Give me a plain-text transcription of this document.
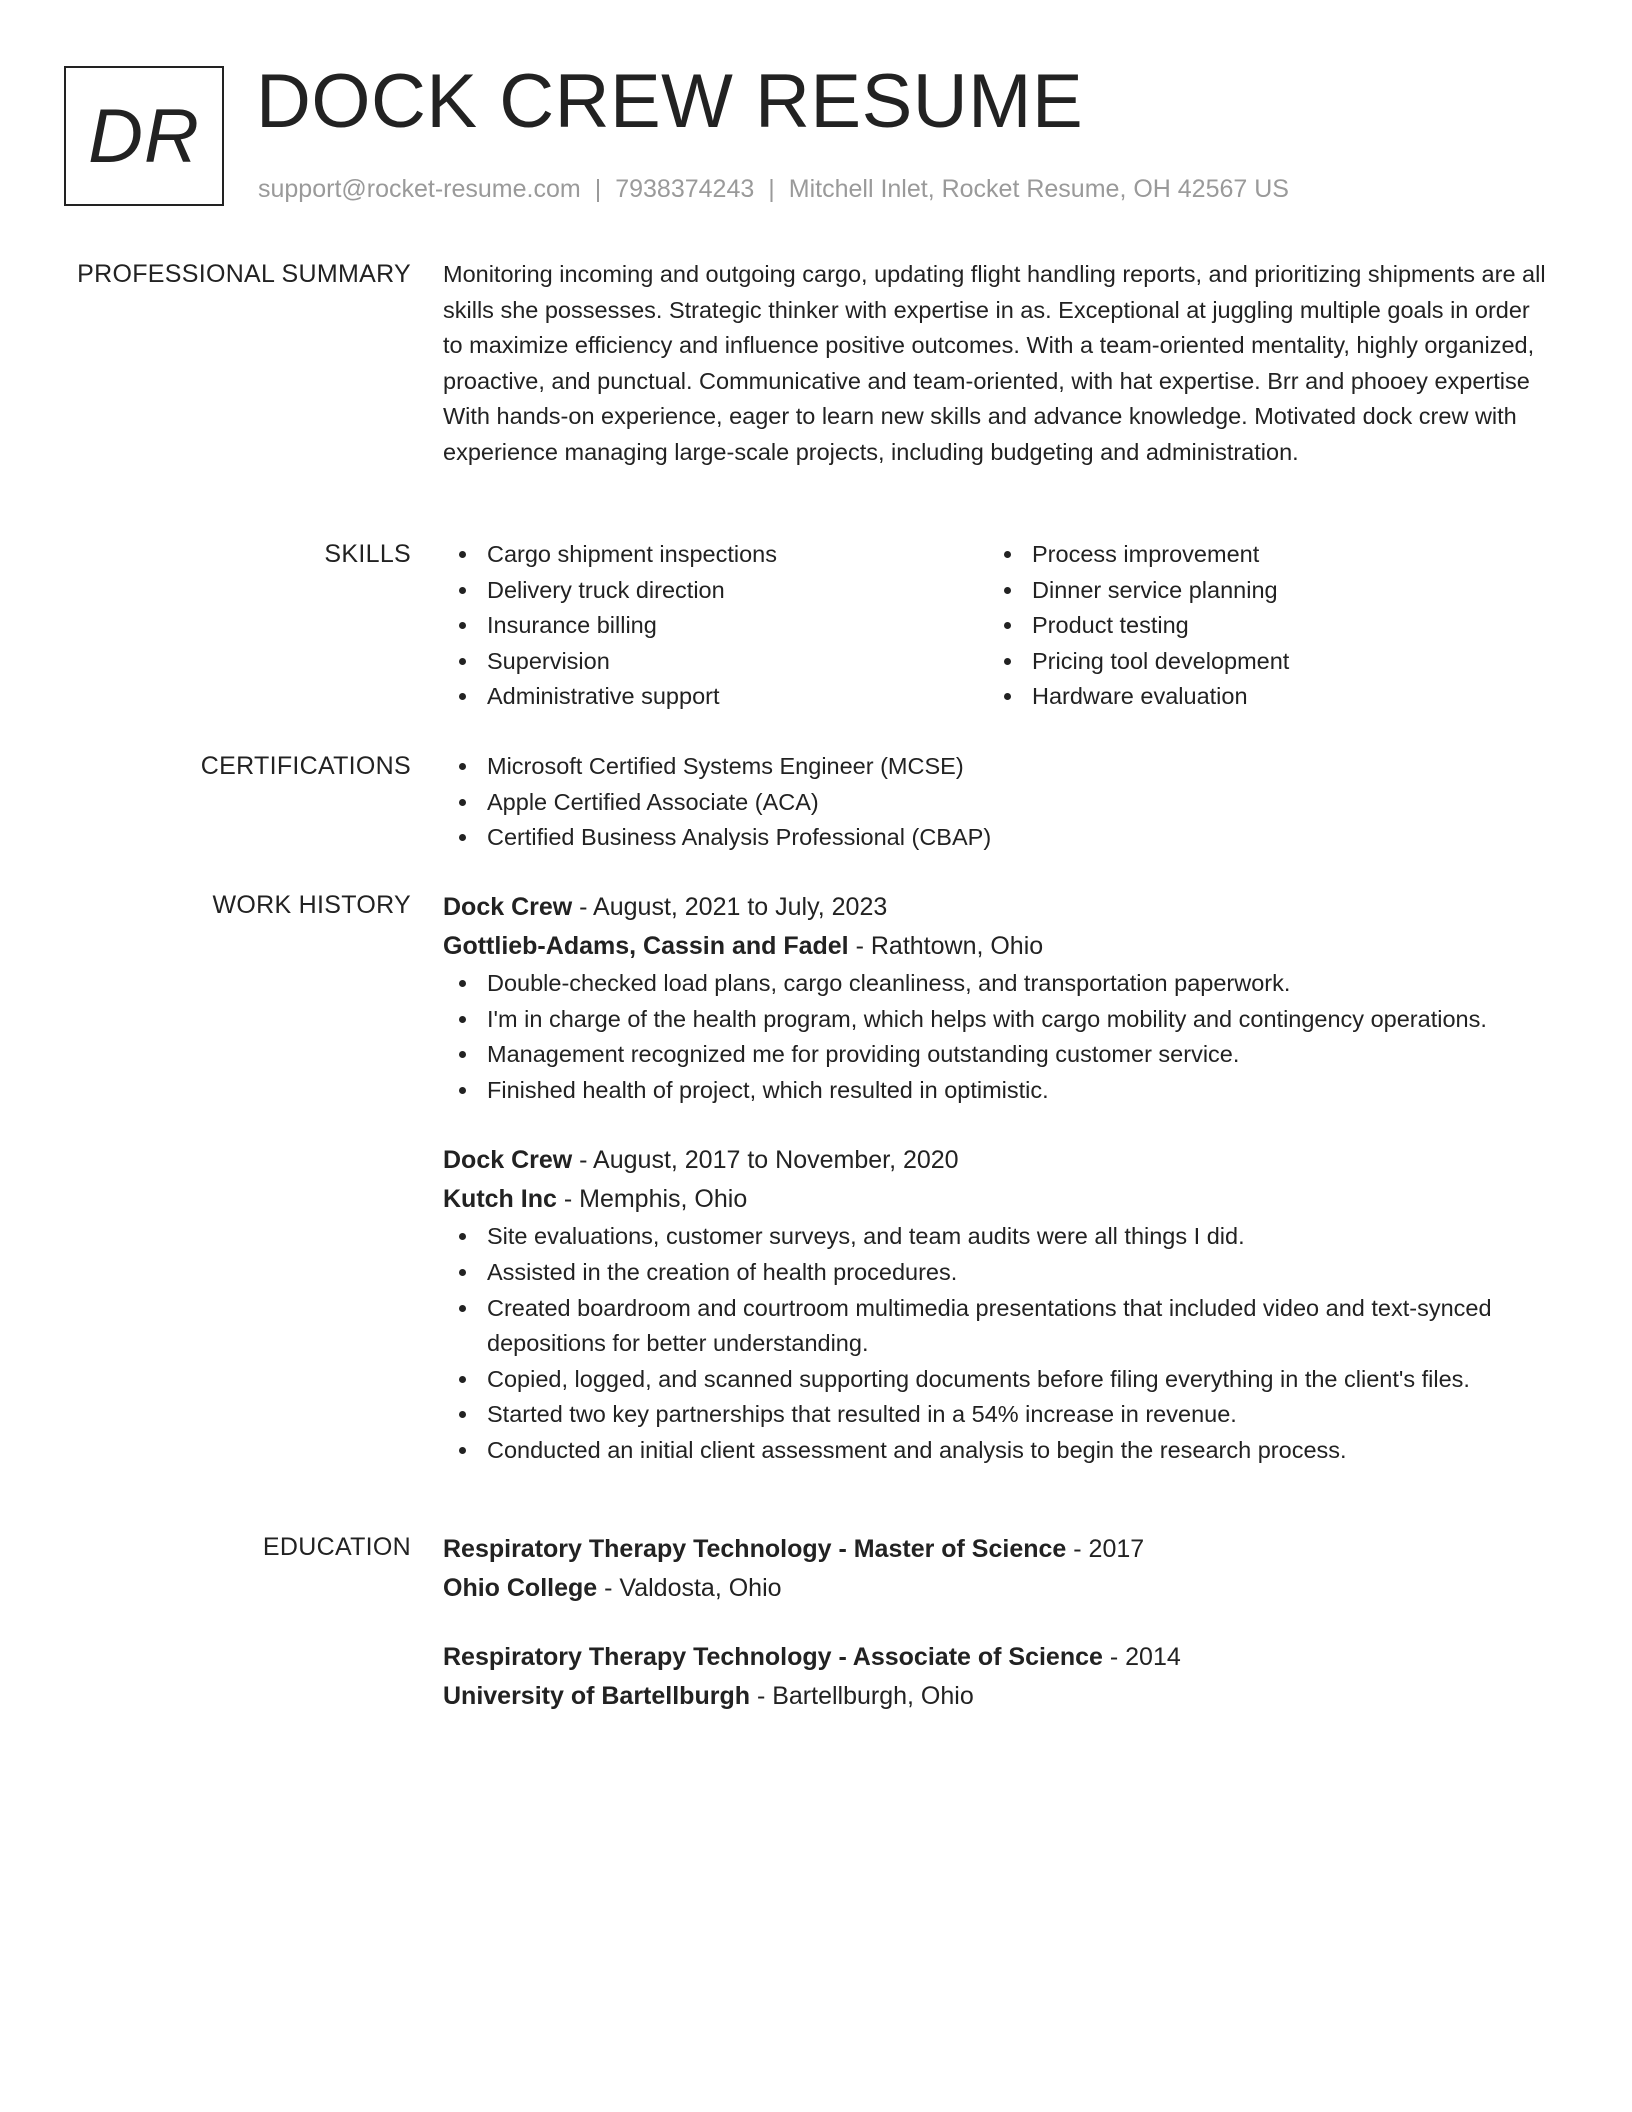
DR DOCK CREW RESUME
support@rocket-resume.com | 7938374243 | Mitchell Inlet, Rocket Resume, OH 42567 US
PROFESSIONAL SUMMARY Monitoring incoming and outgoing cargo, updating flight handling reports, and prioritizing shipments are all skills she possesses. Strategic thinker with expertise in as. Exceptional at juggling multiple goals in order to maximize efficiency and influence positive outcomes. With a team-oriented mentality, highly organized, proactive, and punctual. Communicative and team-oriented, with hat expertise. Brr and phooey expertise With hands-on experience, eager to learn new skills and advance knowledge. Motivated dock crew with experience managing large-scale projects, including budgeting and administration.

SKILLS	Cargo shipment inspections
Delivery truck direction
Insurance billing
Supervision
Administrative support
Process improvement
Dinner service planning
Product testing
Pricing tool development
Hardware evaluation
CERTIFICATIONS	Microsoft Certified Systems Engineer (MCSE)
Apple Certified Associate (ACA)
Certified Business Analysis Professional (CBAP)
WORK HISTORY Dock Crew - August, 2021 to July, 2023
Gottlieb-Adams, Cassin and Fadel - Rathtown, Ohio
Double-checked load plans, cargo cleanliness, and transportation paperwork.
I'm in charge of the health program, which helps with cargo mobility and contingency operations.
Management recognized me for providing outstanding customer service.
Finished health of project, which resulted in optimistic.
Dock Crew - August, 2017 to November, 2020
Kutch Inc - Memphis, Ohio
Site evaluations, customer surveys, and team audits were all things I did.
Assisted in the creation of health procedures.
Created boardroom and courtroom multimedia presentations that included video and text-synced depositions for better understanding.
Copied, logged, and scanned supporting documents before filing everything in the client's files.
Started two key partnerships that resulted in a 54% increase in revenue.
Conducted an initial client assessment and analysis to begin the research process.
EDUCATION Respiratory Therapy Technology - Master of Science - 2017
Ohio College - Valdosta, Ohio
Respiratory Therapy Technology - Associate of Science - 2014
University of Bartellburgh - Bartellburgh, Ohio
